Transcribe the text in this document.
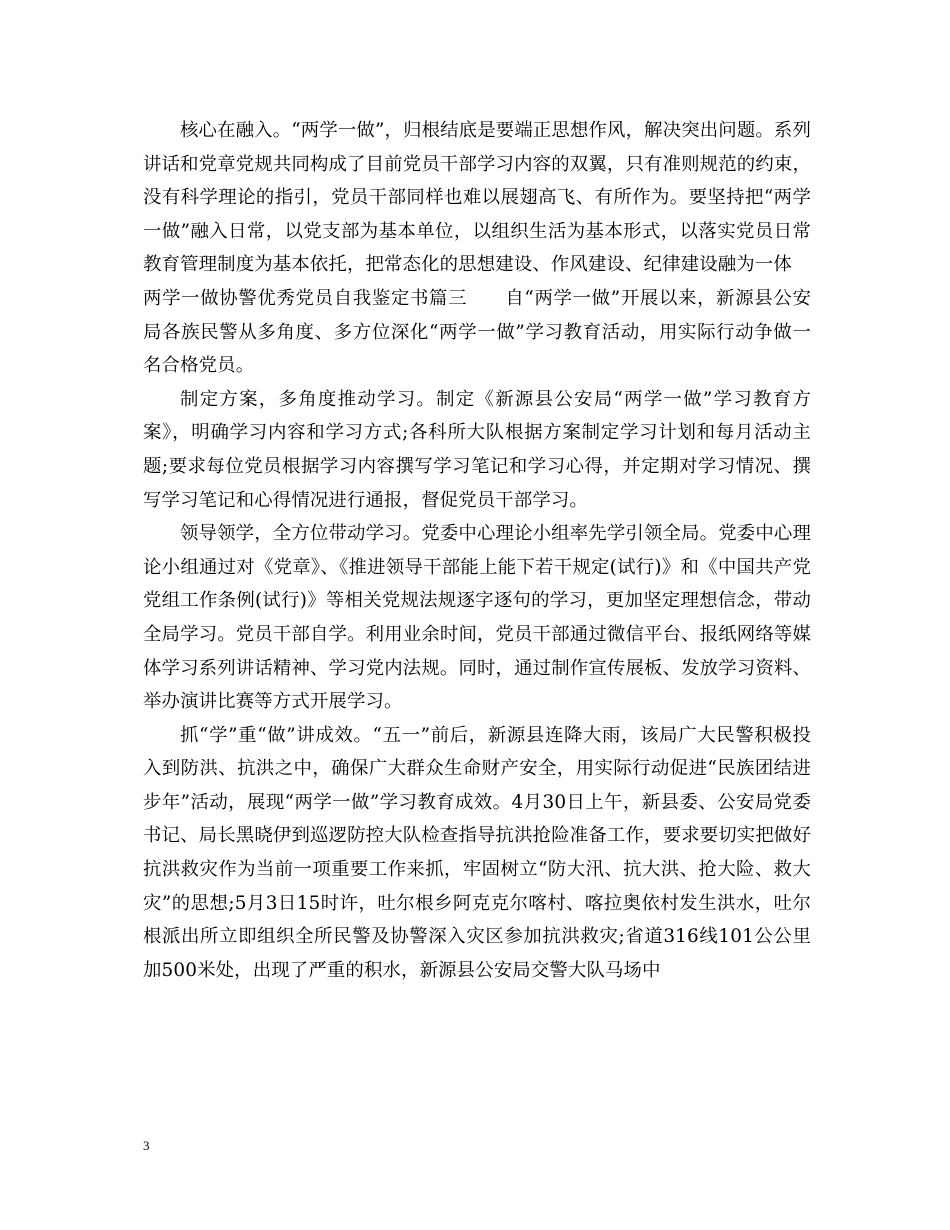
核心在融入。“两学一做”，归根结底是要端正思想作风，解决突出问题。系列讲话和党章党规共同构成了目前党员干部学习内容的双翼，只有准则规范的约束，没有科学理论的指引，党员干部同样也难以展翅高飞、有所作为。要坚持把“两学一做”融入日常，以党支部为基本单位，以组织生活为基本形式，以落实党员日常教育管理制度为基本依托，把常态化的思想建设、作风建设、纪律建设融为一体

两学一做协警优秀党员自我鉴定书篇三　　自“两学一做”开展以来，新源县公安局各族民警从多角度、多方位深化“两学一做”学习教育活动，用实际行动争做一名合格党员。

制定方案，多角度推动学习。制定《新源县公安局“两学一做”学习教育方案》，明确学习内容和学习方式;各科所大队根据方案制定学习计划和每月活动主题;要求每位党员根据学习内容撰写学习笔记和学习心得，并定期对学习情况、撰写学习笔记和心得情况进行通报，督促党员干部学习。

领导领学，全方位带动学习。党委中心理论小组率先学引领全局。党委中心理论小组通过对《党章》、《推进领导干部能上能下若干规定(试行)》和《中国共产党党组工作条例(试行)》等相关党规法规逐字逐句的学习，更加坚定理想信念，带动全局学习。党员干部自学。利用业余时间，党员干部通过微信平台、报纸网络等媒体学习系列讲话精神、学习党内法规。同时，通过制作宣传展板、发放学习资料、举办演讲比赛等方式开展学习。

抓“学”重“做”讲成效。“五一”前后，新源县连降大雨，该局广大民警积极投入到防洪、抗洪之中，确保广大群众生命财产安全，用实际行动促进“民族团结进步年”活动，展现“两学一做”学习教育成效。4月30日上午，新县委、公安局党委书记、局长黑晓伊到巡逻防控大队检查指导抗洪抢险准备工作，要求要切实把做好抗洪救灾作为当前一项重要工作来抓，牢固树立“防大汛、抗大洪、抢大险、救大灾”的思想;5月3日15时许，吐尔根乡阿克克尔喀村、喀拉奥依村发生洪水，吐尔根派出所立即组织全所民警及协警深入灾区参加抗洪救灾;省道316线101公公里加500米处，出现了严重的积水，新源县公安局交警大队马场中

3
